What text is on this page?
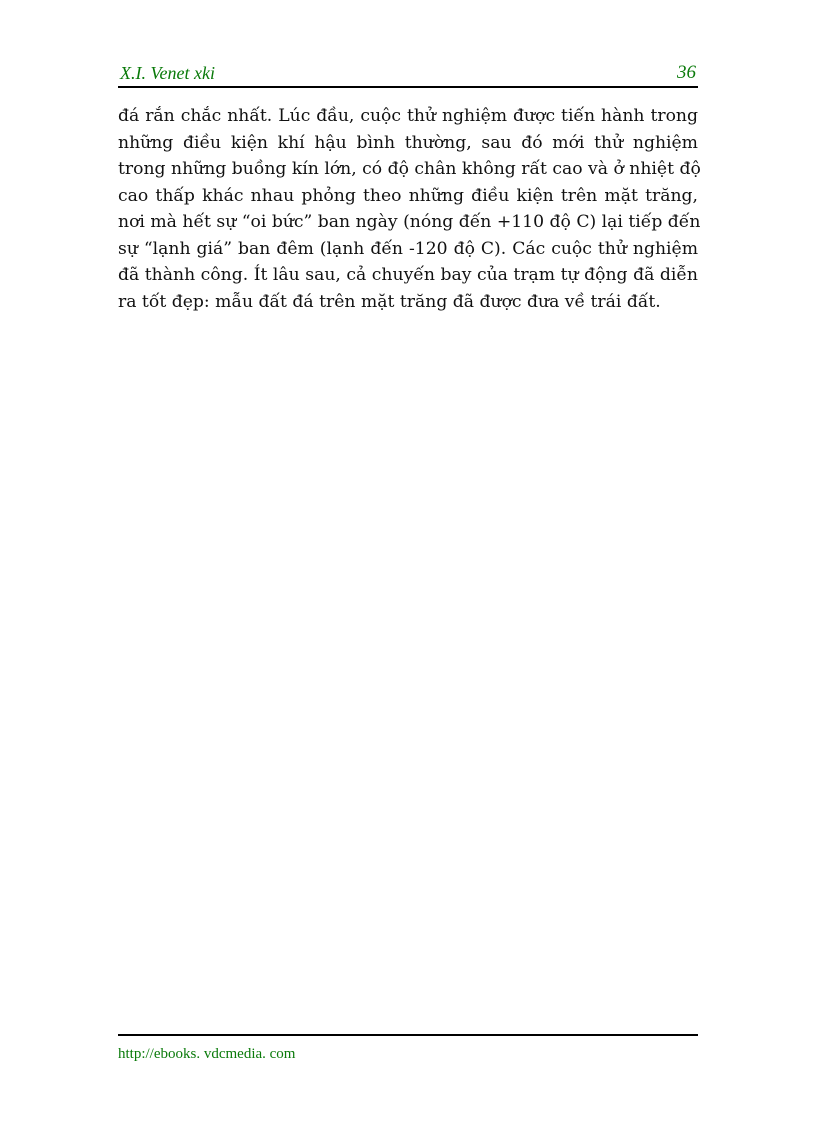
X.I. Venet xki	36
đá rắn chắc nhất. Lúc đầu, cuộc thử nghiệm được tiến hành trong
những điều kiện khí hậu bình thường, sau đó mới thử nghiệm
trong những buồng kín lớn, có độ chân không rất cao và ở nhiệt độ
cao thấp khác nhau phỏng theo những điều kiện trên mặt trăng,
nơi mà hết sự “oi bức” ban ngày (nóng đến +110 độ C) lại tiếp đến
sự “lạnh giá” ban đêm (lạnh đến -120 độ C). Các cuộc thử nghiệm
đã thành công. Ít lâu sau, cả chuyến bay của trạm tự động đã diễn
ra tốt đẹp: mẫu đất đá trên mặt trăng đã được đưa về trái đất.
http://ebooks. vdcmedia. com
